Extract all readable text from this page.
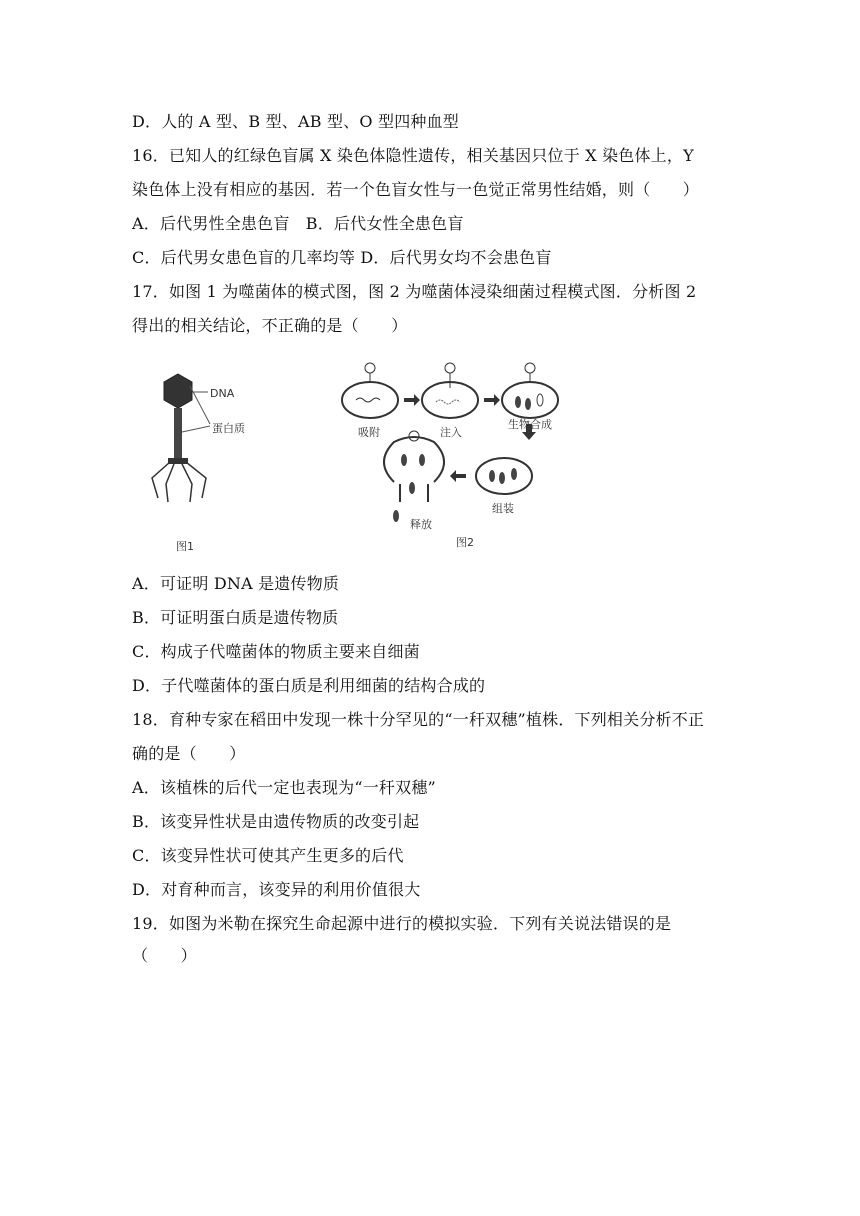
D．人的 A 型、B 型、AB 型、O 型四种血型
16．已知人的红绿色盲属 X 染色体隐性遗传，相关基因只位于 X 染色体上，Y
染色体上没有相应的基因．若一个色盲女性与一色觉正常男性结婚，则（　　）
A．后代男性全患色盲　B．后代女性全患色盲
C．后代男女患色盲的几率均等 D．后代男女均不会患色盲
17．如图 1 为噬菌体的模式图，图 2 为噬菌体浸染细菌过程模式图．分析图 2
得出的相关结论，不正确的是（　　）
DNA
蛋白质
图1
吸附	注入
生物合成
组装
释放
图2
A．可证明 DNA 是遗传物质
B．可证明蛋白质是遗传物质
C．构成子代噬菌体的物质主要来自细菌
D．子代噬菌体的蛋白质是利用细菌的结构合成的
18．育种专家在稻田中发现一株十分罕见的“一秆双穗”植株．下列相关分析不正
确的是（　　）
A．该植株的后代一定也表现为“一秆双穗”
B．该变异性状是由遗传物质的改变引起
C．该变异性状可使其产生更多的后代
D．对育种而言，该变异的利用价值很大
19．如图为米勒在探究生命起源中进行的模拟实验．下列有关说法错误的是
（　　）
